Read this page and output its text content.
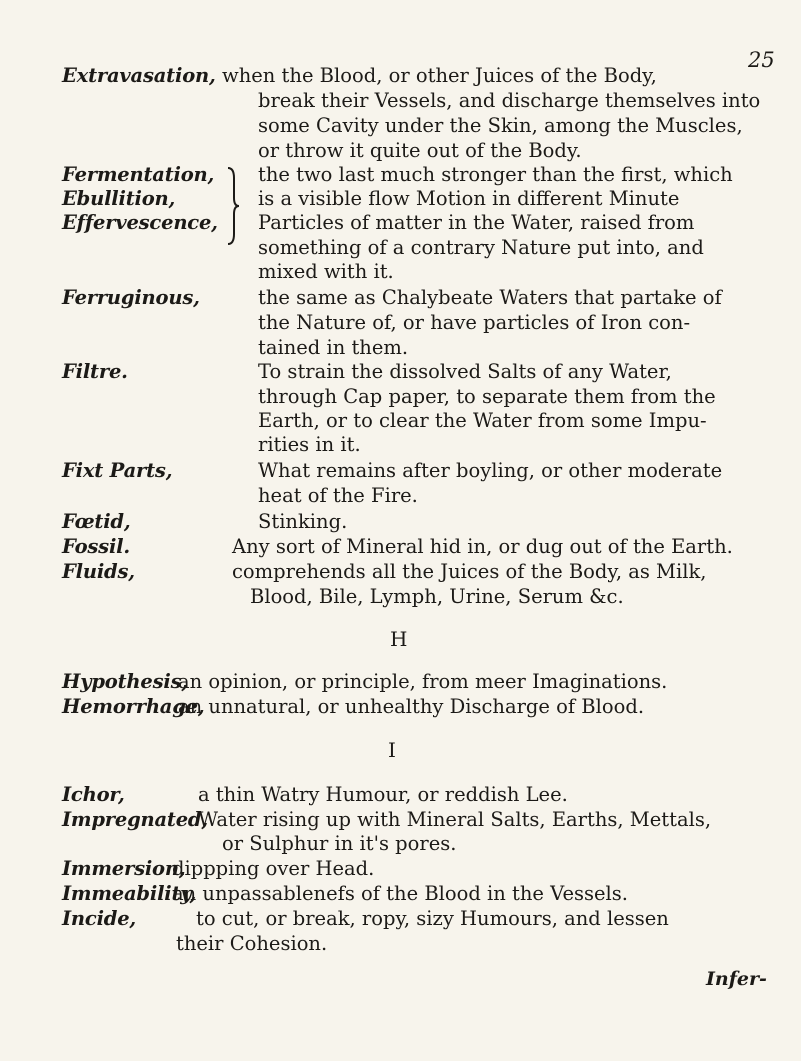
25
Extravasation, when the Blood, or other Juices of the Body,
break their Vessels, and discharge themselves into
some Cavity under the Skin, among the Muscles,
or throw it quite out of the Body.
Fermentation,
Ebullition,
Effervescence,
the two last much stronger than the first, which
is a visible flow Motion in different Minute
Particles of matter in the Water, raised from
something of a contrary Nature put into, and
mixed with it.
Ferruginous,	the same as Chalybeate Waters that partake of
the Nature of, or have particles of Iron con-
tained in them.
Filtre.	To strain the dissolved Salts of any Water,
through Cap paper, to separate them from the
Earth, or to clear the Water from some Impu-
rities in it.
Fixt Parts,	What remains after boyling, or other moderate
heat of the Fire.
Fœtid,	Stinking.
Fossil.	Any sort of Mineral hid in, or dug out of the Earth.
Fluids,	comprehends all the Juices of the Body, as Milk,
Blood, Bile, Lymph, Urine, Serum &c.
H
Hypothesis,
an opinion, or principle, from meer Imaginations.
Hemorrhage,
an unnatural, or unhealthy Discharge of Blood.
I
Ichor,	a thin Watry Humour, or reddish Lee.
Impregnated,
Water rising up with Mineral Salts, Earths, Mettals,
or Sulphur in it's pores.
Immersion,
dippping over Head.
Immeability,
an unpassablenefs of the Blood in the Vessels.
Incide,	to cut, or break, ropy, sizy Humours, and lessen
their Cohesion.
Infer-
